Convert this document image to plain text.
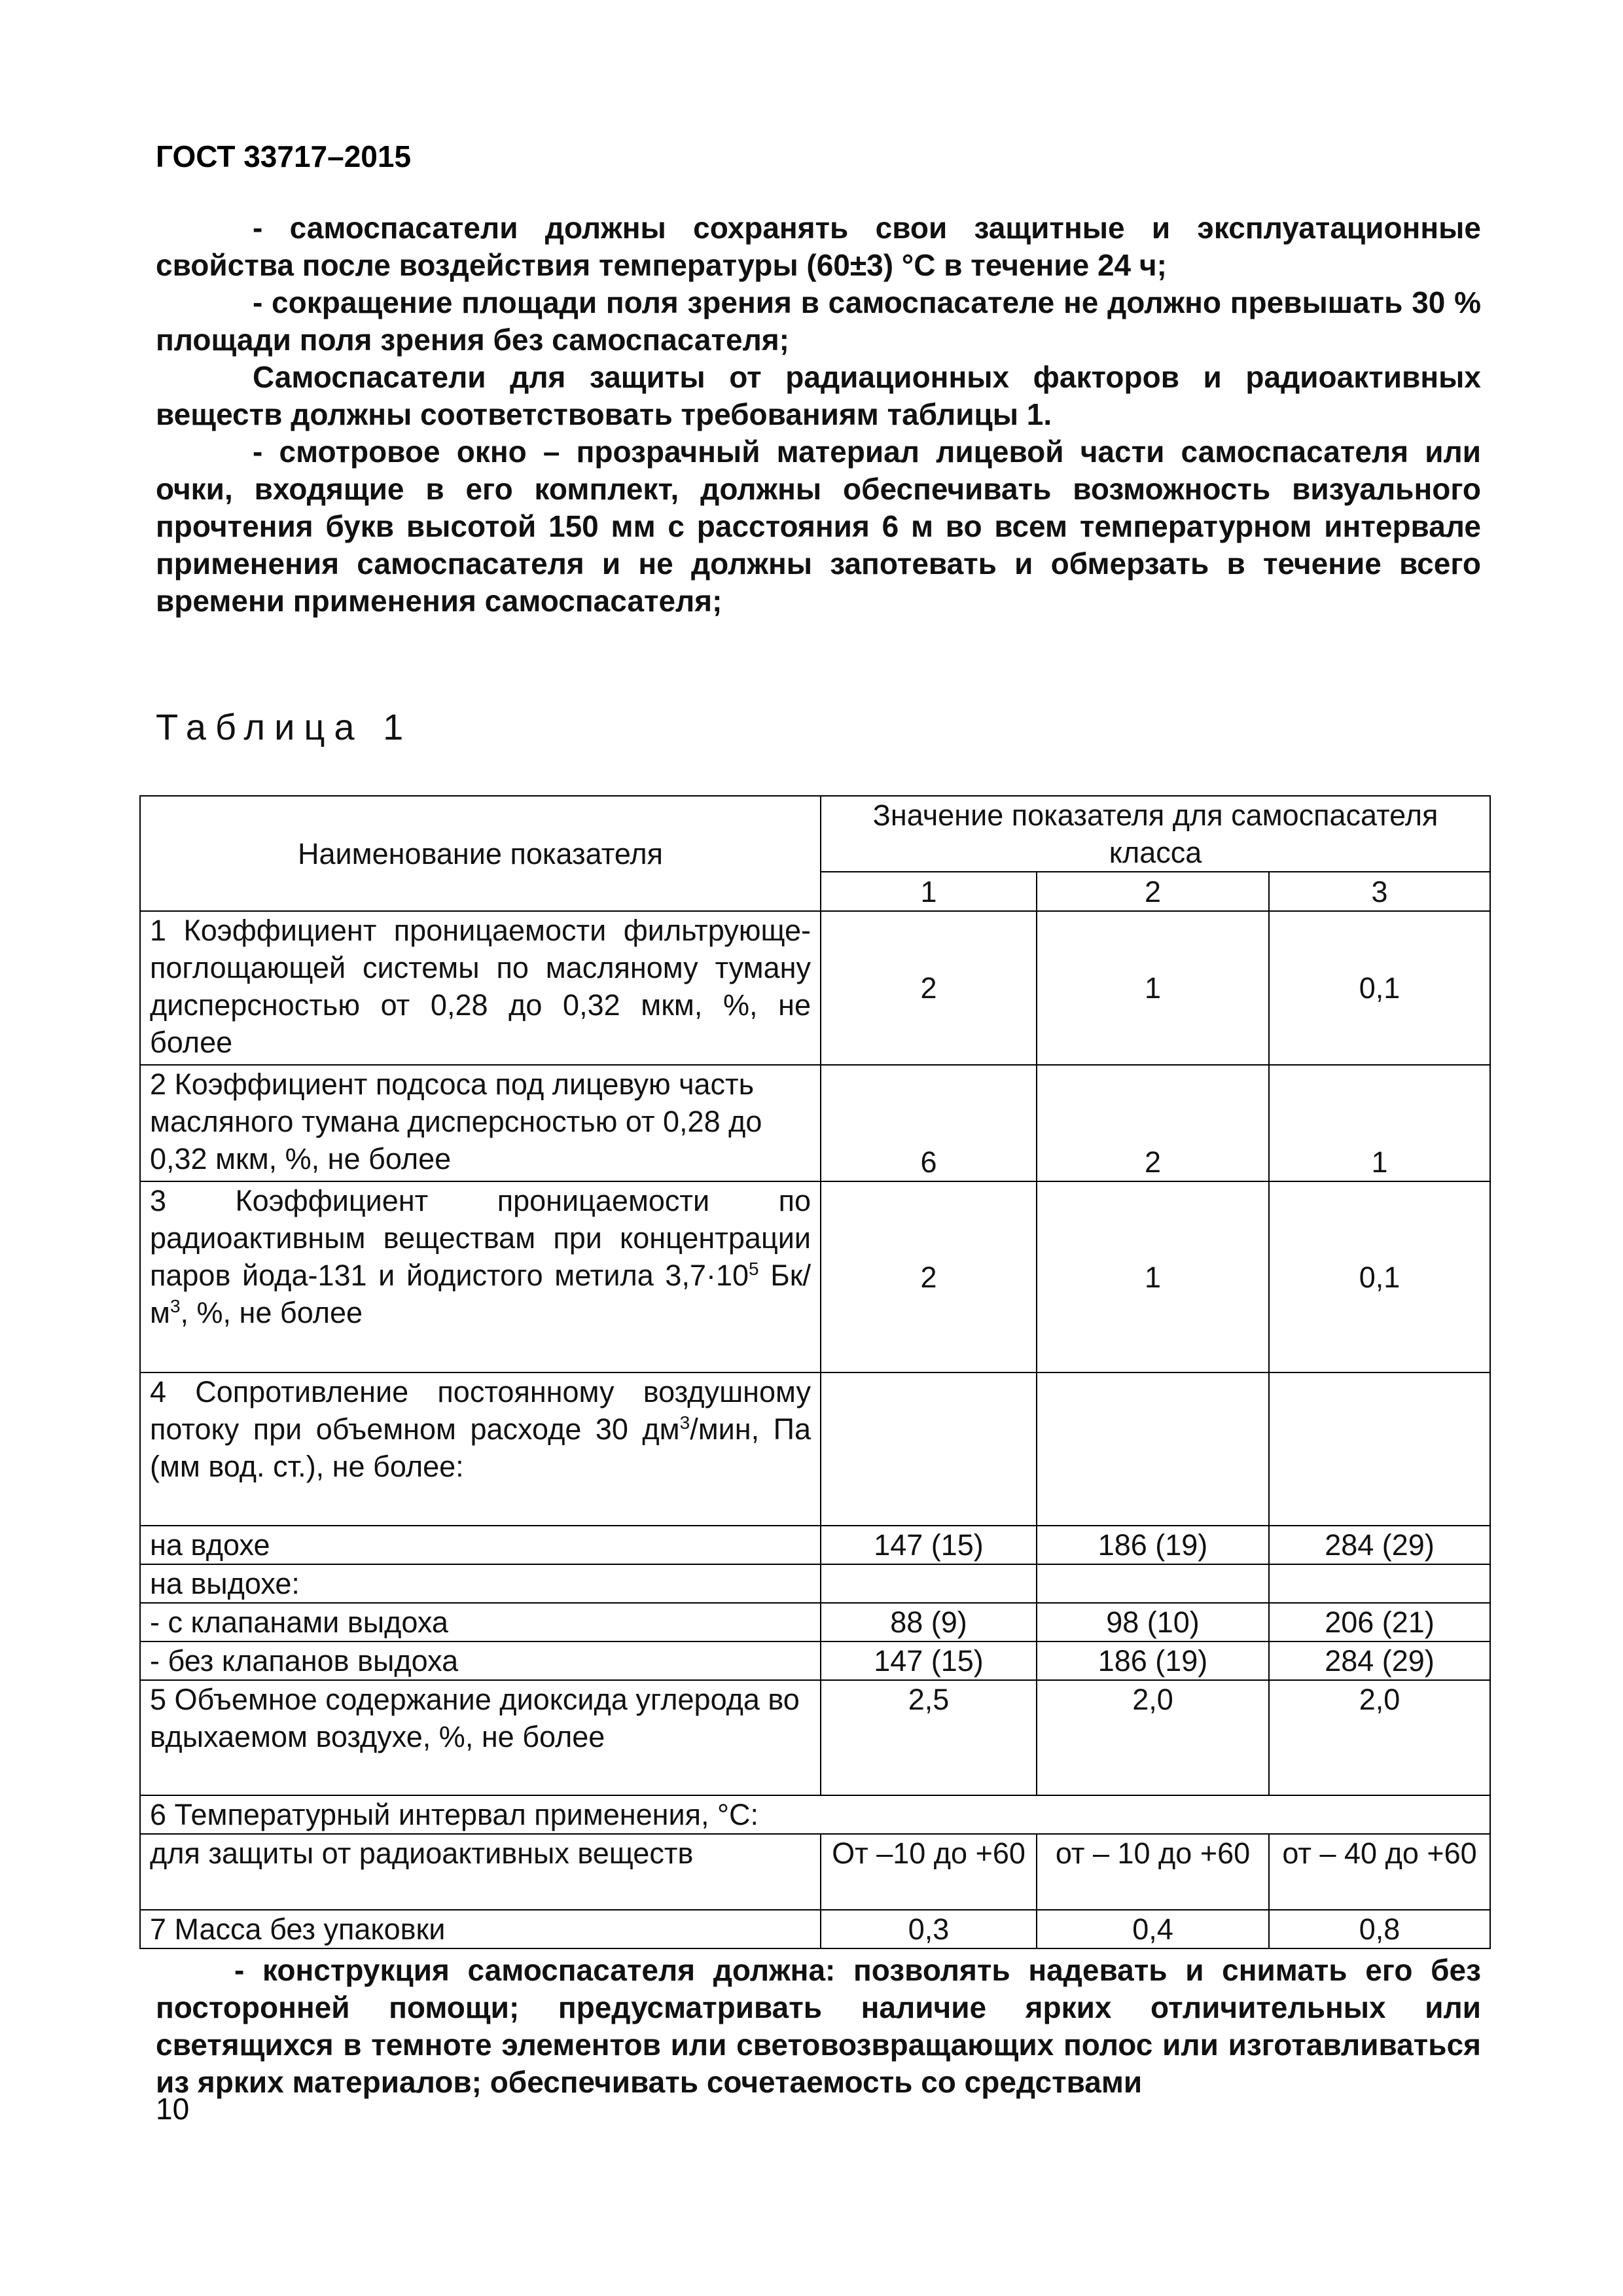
ГОСТ 33717–2015

- самоспасатели должны сохранять свои защитные и эксплуатационные свойства после воздействия температуры (60±3) °С в течение 24 ч;

- сокращение площади поля зрения в самоспасателе не должно превышать 30 % площади поля зрения без самоспасателя;

Самоспасатели для защиты от радиационных факторов и радиоактивных веществ должны соответствовать требованиям таблицы 1.

- смотровое окно – прозрачный материал лицевой части самоспасателя или очки, входящие в его комплект, должны обеспечивать возможность визуального прочтения букв высотой 150 мм с расстояния 6 м во всем температурном интервале применения самоспасателя и не должны запотевать и обмерзать в течение всего времени применения самоспасателя;

Таблица 1
Наименование показателя	Значение показателя для самоспасателя класса		
	1	2	3
1 Коэффициент проницаемости фильтрующе-поглощающей системы по масляному туману дисперсностью от 0,28 до 0,32 мкм, %, не более	2	1	0,1
2 Коэффициент подсоса под лицевую часть масляного тумана дисперсностью от 0,28 до 0,32 мкм, %, не более	6	2	1
3 Коэффициент проницаемости по радиоактивным веществам при концентрации паров йода-131 и йодистого метила $3,7\cdot 10^5$ $Бк/м^3$, %, не более	2	1	0,1
4 Сопротивление постоянному воздушному потоку при объемном расходе 30 $дм^3$/мин, Па (мм вод. ст.), не более:			
на вдохе	147 (15)	186 (19)	284 (29)
на выдохе:			
- с клапанами выдоха	88 (9)	98 (10)	206 (21)
- без клапанов выдоха	147 (15)	186 (19)	284 (29)
5 Объемное содержание диоксида углерода во вдыхаемом воздухе, %, не более	2,5	2,0	2,0
6 Температурный интервал применения, °С:			
для защиты от радиоактивных веществ	От –10 до +60	от – 10 до +60	от – 40 до +60
7 Масса без упаковки	0,3	0,4	0,8

- конструкция самоспасателя должна: позволять надевать и снимать его без посторонней помощи; предусматривать наличие ярких отличительных или светящихся в темноте элементов или световозвращающих полос или изготавливаться из ярких материалов; обеспечивать сочетаемость со средствами

10
